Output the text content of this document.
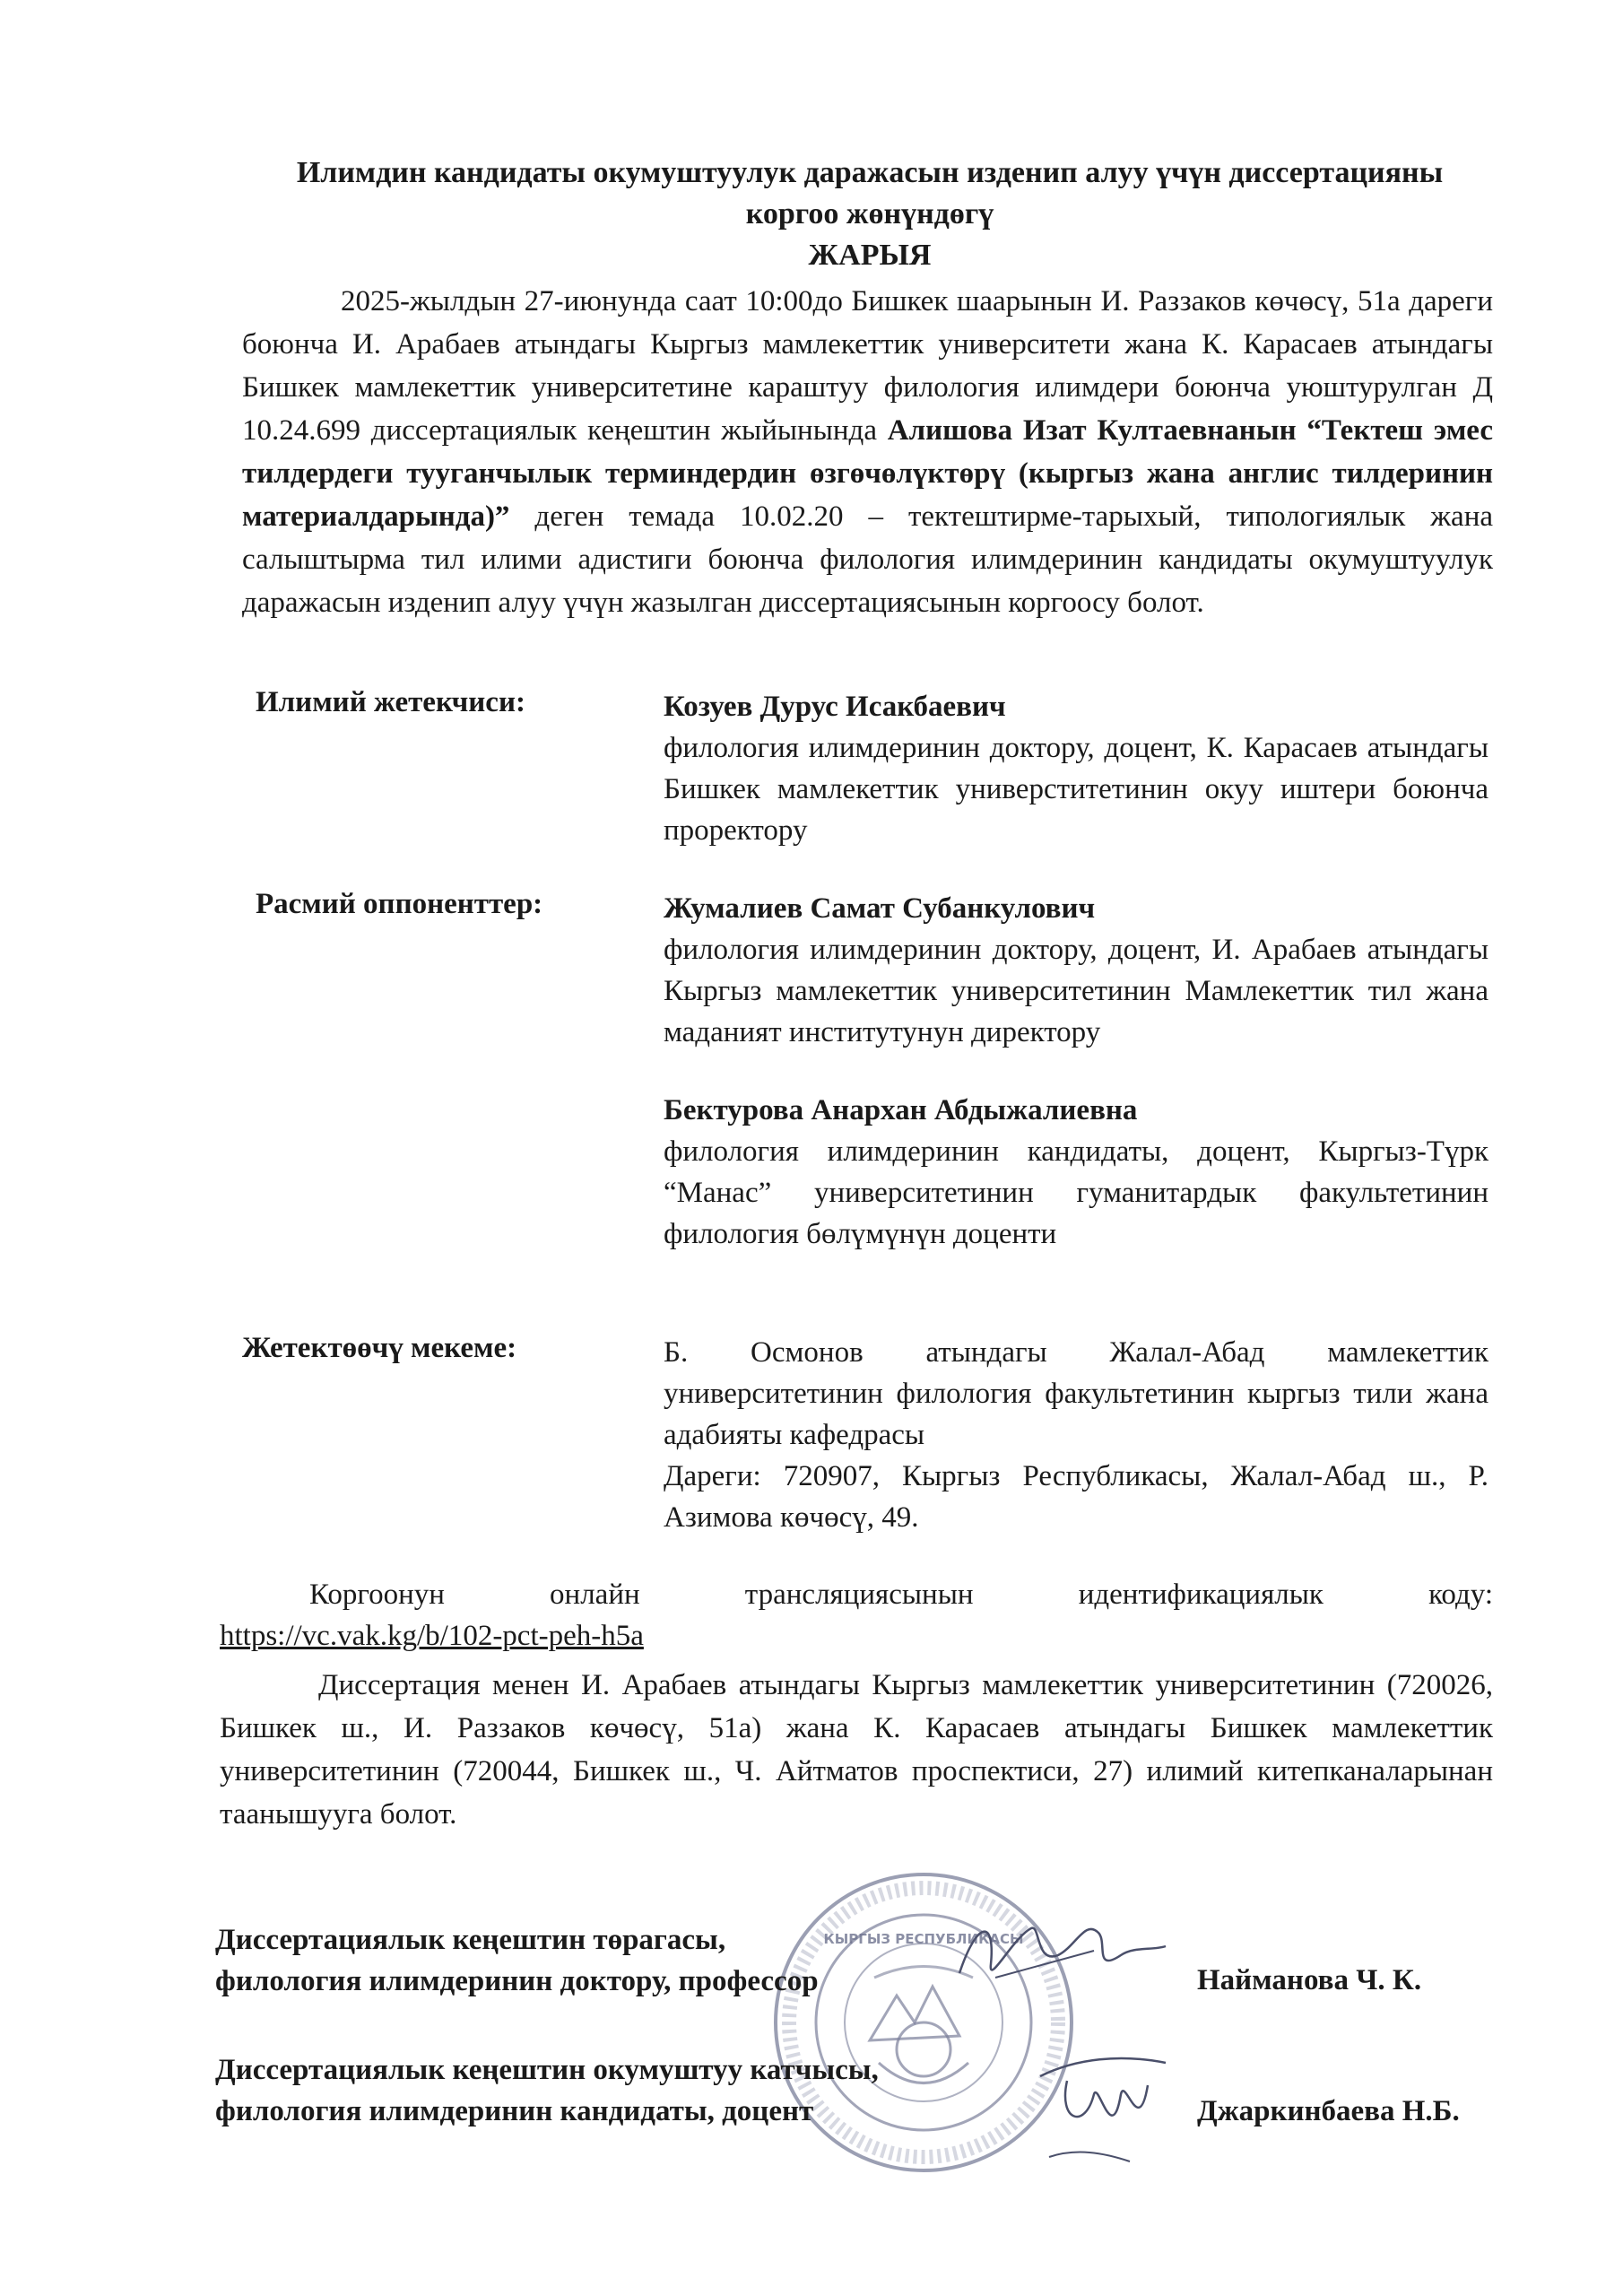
Илимдин кандидаты окумуштуулук даражасын изденип алуу үчүн диссертацияны
коргоо жөнүндөгү
ЖАРЫЯ
2025-жылдын 27-июнунда саат 10:00до Бишкек шаарынын И. Раззаков көчөсү, 51а дареги боюнча И. Арабаев атындагы Кыргыз мамлекеттик университети жана К. Карасаев атындагы Бишкек мамлекеттик университетине караштуу филология илимдери боюнча уюштурулган Д 10.24.699 диссертациялык кеңештин жыйынында Алишова Изат Култаевнанын “Тектеш эмес тилдердеги тууганчылык терминдердин өзгөчөлүктөрү (кыргыз жана англис тилдеринин материалдарында)” деген темада 10.02.20 – тектештирме-тарыхый, типологиялык жана салыштырма тил илими адистиги боюнча филология илимдеринин кандидаты окумуштуулук даражасын изденип алуу үчүн жазылган диссертациясынын коргоосу болот.
Илимий жетекчиси:	Козуев Дурус Исакбаевич
филология илимдеринин доктору, доцент, К. Карасаев атындагы Бишкек мамлекеттик универститетинин окуу иштери боюнча проректору
Расмий оппоненттер:	Жумалиев Самат Субанкулович
филология илимдеринин доктору, доцент, И. Арабаев атындагы Кыргыз мамлекеттик университетинин Мамлекеттик тил жана маданият институтунун директору
Бектурова Анархан Абдыжалиевна
филология илимдеринин кандидаты, доцент, Кыргыз-Түрк “Манас” университетинин гуманитардык факультетинин филология бөлүмүнүн доценти
Жетектөөчү мекеме:	Б. Осмонов атындагы Жалал-Абад мамлекеттик университетинин филология факультетинин кыргыз тили жана адабияты кафедрасы
Дареги: 720907, Кыргыз Республикасы, Жалал-Абад ш., Р. Азимова көчөсү, 49.
Коргоонун	онлайн	трансляциясынын	идентификациялык	коду:
https://vc.vak.kg/b/102-pct-peh-h5a
Диссертация менен И. Арабаев атындагы Кыргыз мамлекеттик университетинин (720026, Бишкек ш., И. Раззаков көчөсү, 51а) жана К. Карасаев атындагы Бишкек мамлекеттик университетинин (720044, Бишкек ш., Ч. Айтматов проспектиси, 27) илимий китепканаларынан таанышууга болот.
КЫРГЫЗ РЕСПУБЛИКАСЫ
Диссертациялык кеңештин төрагасы,
филология илимдеринин доктору, профессор	Найманова Ч. К.
Диссертациялык кеңештин окумуштуу катчысы,
филология илимдеринин кандидаты, доцент	Джаркинбаева Н.Б.
